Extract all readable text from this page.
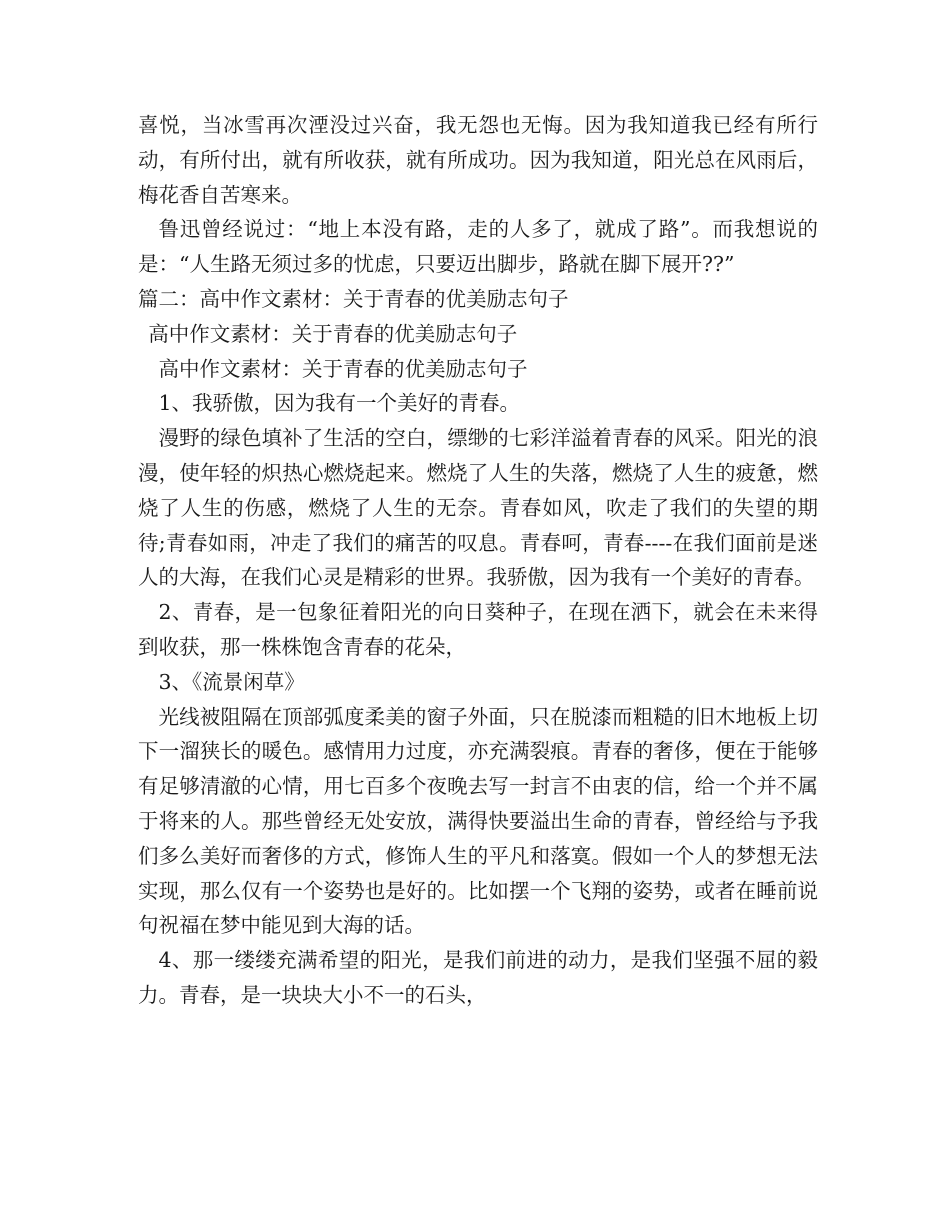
喜悦，当冰雪再次湮没过兴奋，我无怨也无悔。因为我知道我已经有所行动，有所付出，就有所收获，就有所成功。因为我知道，阳光总在风雨后，梅花香自苦寒来。

鲁迅曾经说过：“地上本没有路，走的人多了，就成了路”。而我想说的是：“人生路无须过多的忧虑，只要迈出脚步，路就在脚下展开??”

篇二：高中作文素材：关于青春的优美励志句子

高中作文素材：关于青春的优美励志句子

高中作文素材：关于青春的优美励志句子

1、我骄傲，因为我有一个美好的青春。

漫野的绿色填补了生活的空白，缥缈的七彩洋溢着青春的风采。阳光的浪漫，使年轻的炽热心燃烧起来。燃烧了人生的失落，燃烧了人生的疲惫，燃烧了人生的伤感，燃烧了人生的无奈。青春如风，吹走了我们的失望的期待;青春如雨，冲走了我们的痛苦的叹息。青春呵，青春----在我们面前是迷人的大海，在我们心灵是精彩的世界。我骄傲，因为我有一个美好的青春。

2、青春，是一包象征着阳光的向日葵种子，在现在洒下，就会在未来得到收获，那一株株饱含青春的花朵，

3、《流景闲草》

光线被阻隔在顶部弧度柔美的窗子外面，只在脱漆而粗糙的旧木地板上切下一溜狭长的暖色。感情用力过度，亦充满裂痕。青春的奢侈，便在于能够有足够清澈的心情，用七百多个夜晚去写一封言不由衷的信，给一个并不属于将来的人。那些曾经无处安放，满得快要溢出生命的青春，曾经给与予我们多么美好而奢侈的方式，修饰人生的平凡和落寞。假如一个人的梦想无法实现，那么仅有一个姿势也是好的。比如摆一个飞翔的姿势，或者在睡前说句祝福在梦中能见到大海的话。

4、那一缕缕充满希望的阳光，是我们前进的动力，是我们坚强不屈的毅力。青春，是一块块大小不一的石头，
